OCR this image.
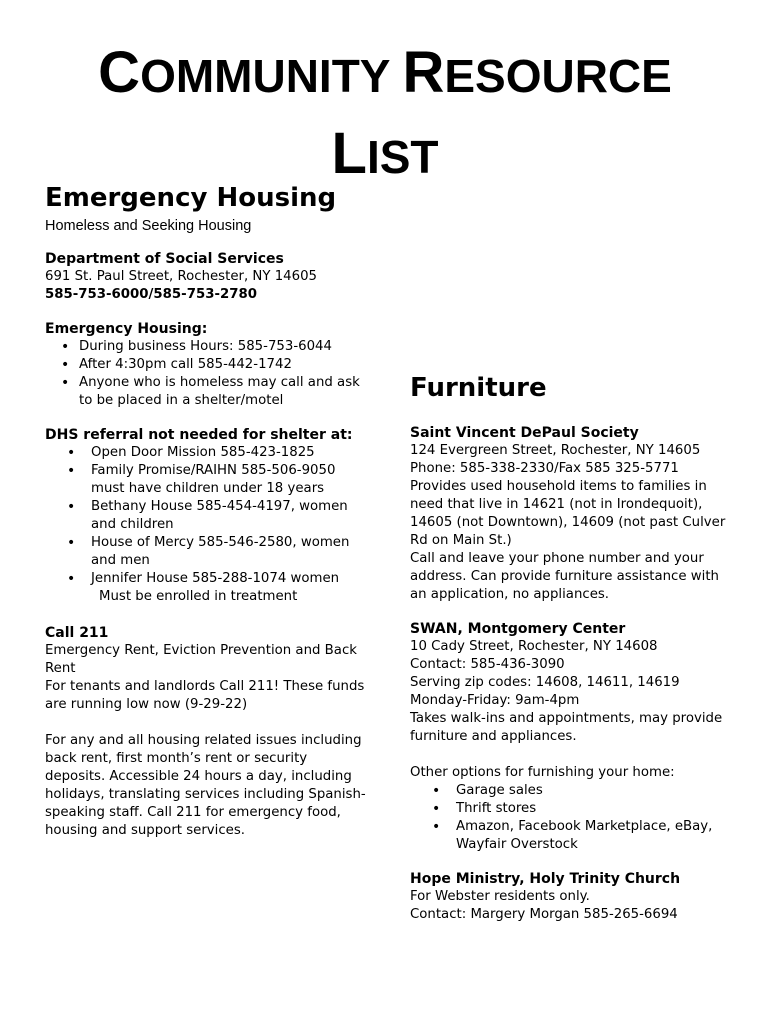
COMMUNITY RESOURCE
LIST
Emergency Housing

Homeless and Seeking Housing

Department of Social Services

691 St. Paul Street, Rochester, NY 14605

585-753-6000/585-753-2780

Emergency Housing:

• During business Hours: 585-753-6044
• After 4:30pm call 585-442-1742
• Anyone who is homeless may call and ask to be placed in a shelter/motel

DHS referral not needed for shelter at:

• Open Door Mission 585-423-1825
• Family Promise/RAIHN 585-506-9050 must have children under 18 years
• Bethany House 585-454-4197, women and children
• House of Mercy 585-546-2580, women and men
• Jennifer House 585-288-1074 women
Must be enrolled in treatment

Call 211

Emergency Rent, Eviction Prevention and Back Rent

For tenants and landlords Call 211! These funds are running low now (9-29-22)

For any and all housing related issues including back rent, first month’s rent or security deposits. Accessible 24 hours a day, including holidays, translating services including Spanish-speaking staff. Call 211 for emergency food, housing and support services.

Furniture

Saint Vincent DePaul Society

124 Evergreen Street, Rochester, NY 14605

Phone: 585-338-2330/Fax 585 325-5771

Provides used household items to families in need that live in 14621 (not in Irondequoit), 14605 (not Downtown), 14609 (not past Culver Rd on Main St.)

Call and leave your phone number and your address. Can provide furniture assistance with an application, no appliances.

SWAN, Montgomery Center

10 Cady Street, Rochester, NY 14608

Contact: 585-436-3090

Serving zip codes: 14608, 14611, 14619

Monday-Friday: 9am-4pm

Takes walk-ins and appointments, may provide furniture and appliances.

Other options for furnishing your home:

• Garage sales
• Thrift stores
• Amazon, Facebook Marketplace, eBay, Wayfair Overstock

Hope Ministry, Holy Trinity Church

For Webster residents only.

Contact: Margery Morgan 585-265-6694
